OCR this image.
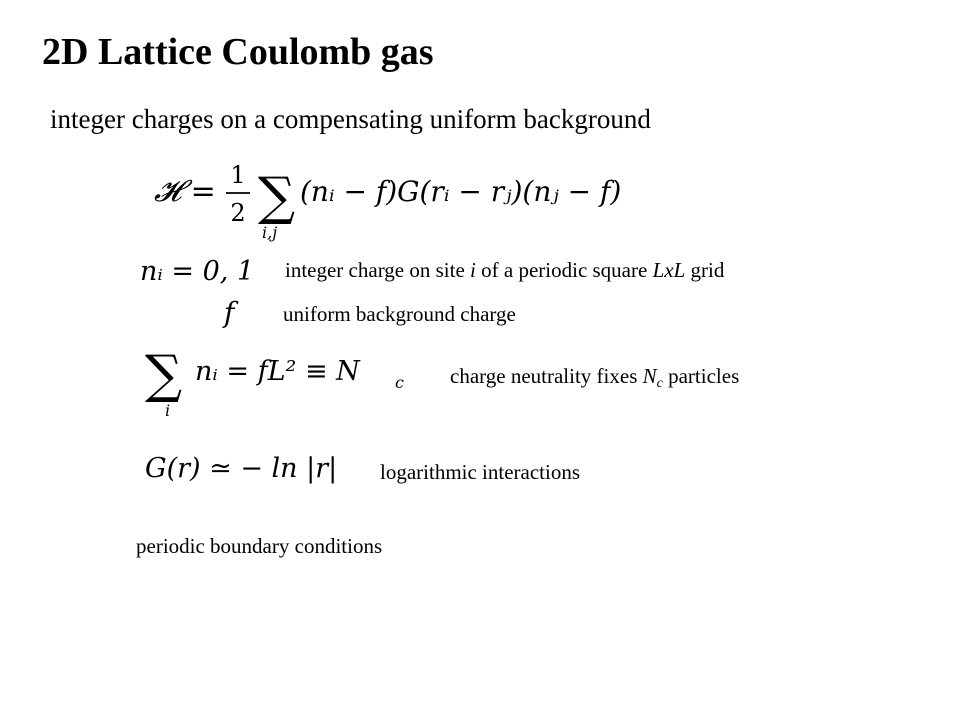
2D Lattice Coulomb gas
integer charges on a compensating uniform background
𝓗 = 1
2 ∑
i,j
(nᵢ − f)G(rᵢ − rⱼ)(nⱼ − f)
nᵢ = 0, 1 integer charge on site i of a periodic square LxL grid
f uniform background charge
∑
i
nᵢ = fL² ≡ N c charge neutrality fixes $N_c$ particles
G(r) ≃ − ln |r| logarithmic interactions
periodic boundary conditions
